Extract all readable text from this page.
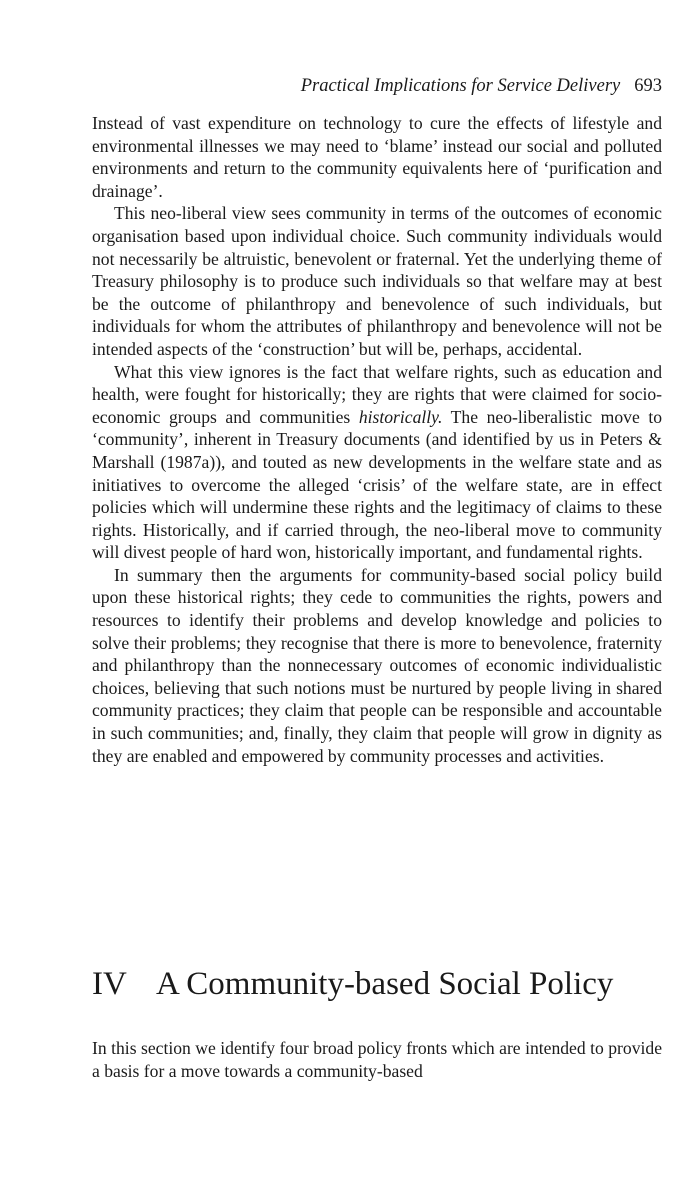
Practical Implications for Service Delivery 693

Instead of vast expenditure on technology to cure the effects of lifestyle and environmental illnesses we may need to ‘blame’ instead our social and polluted environments and return to the community equivalents here of ‘purification and drainage’.

This neo-liberal view sees community in terms of the outcomes of economic organisation based upon individual choice. Such community individuals would not necessarily be altruistic, benevolent or fraternal. Yet the underlying theme of Treasury philosophy is to produce such individuals so that welfare may at best be the outcome of philanthropy and benevolence of such individuals, but individuals for whom the attributes of philanthropy and benevolence will not be intended aspects of the ‘construction’ but will be, perhaps, accidental.

What this view ignores is the fact that welfare rights, such as education and health, were fought for historically; they are rights that were claimed for socio-economic groups and communities historically. The neo-liberalistic move to ‘community’, inherent in Treasury documents (and identified by us in Peters & Marshall (1987a)), and touted as new developments in the welfare state and as initiatives to overcome the alleged ‘crisis’ of the welfare state, are in effect policies which will undermine these rights and the legitimacy of claims to these rights. Historically, and if carried through, the neo-liberal move to community will divest people of hard won, historically important, and fundamental rights.

In summary then the arguments for community-based social policy build upon these historical rights; they cede to communities the rights, powers and resources to identify their problems and develop knowledge and policies to solve their problems; they recognise that there is more to benevolence, fraternity and philanthropy than the nonnecessary outcomes of economic individualistic choices, believing that such notions must be nurtured by people living in shared community practices; they claim that people can be responsible and accountable in such communities; and, finally, they claim that people will grow in dignity as they are enabled and empowered by community processes and activities.

IV A Community-based Social Policy

In this section we identify four broad policy fronts which are intended to provide a basis for a move towards a community-based
